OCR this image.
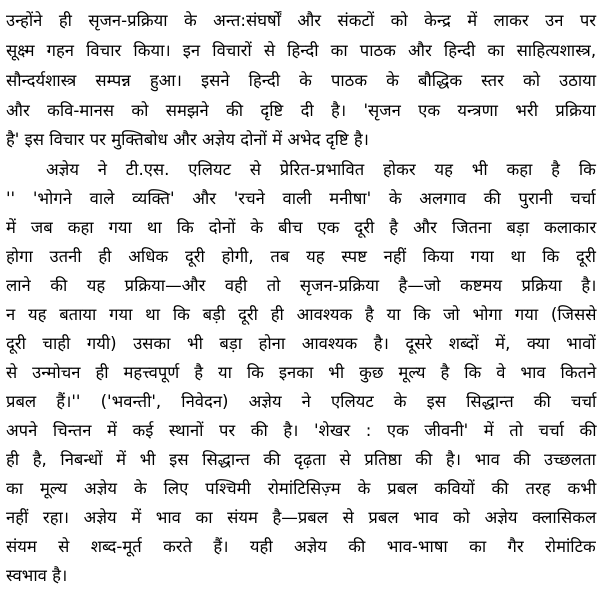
उन्होंने ही सृजन-प्रक्रिया के अन्त:संघर्षों और संकटों को केन्द्र में लाकर उन पर
सूक्ष्म गहन विचार किया। इन विचारों से हिन्दी का पाठक और हिन्दी का साहित्यशास्त्र,
सौन्दर्यशास्त्र सम्पन्न हुआ। इसने हिन्दी के पाठक के बौद्धिक स्तर को उठाया
और कवि-मानस को समझने की दृष्टि दी है। 'सृजन एक यन्त्रणा भरी प्रक्रिया
है' इस विचार पर मुक्तिबोध और अज्ञेय दोनों में अभेद दृष्टि है।
अज्ञेय ने टी.एस. एलियट से प्रेरित-प्रभावित होकर यह भी कहा है कि
'' 'भोगने वाले व्यक्ति' और 'रचने वाली मनीषा' के अलगाव की पुरानी चर्चा
में जब कहा गया था कि दोनों के बीच एक दूरी है और जितना बड़ा कलाकार
होगा उतनी ही अधिक दूरी होगी, तब यह स्पष्ट नहीं किया गया था कि दूरी
लाने की यह प्रक्रिया—और वही तो सृजन-प्रक्रिया है—जो कष्टमय प्रक्रिया है।
न यह बताया गया था कि बड़ी दूरी ही आवश्यक है या कि जो भोगा गया (जिससे
दूरी चाही गयी) उसका भी बड़ा होना आवश्यक है। दूसरे शब्दों में, क्या भावों
से उन्मोचन ही महत्त्वपूर्ण है या कि इनका भी कुछ मूल्य है कि वे भाव कितने
प्रबल हैं।'' ('भवन्ती', निवेदन) अज्ञेय ने एलियट के इस सिद्धान्त की चर्चा
अपने चिन्तन में कई स्थानों पर की है। 'शेखर : एक जीवनी' में तो चर्चा की
ही है, निबन्धों में भी इस सिद्धान्त की दृढ़ता से प्रतिष्ठा की है। भाव की उच्छलता
का मूल्य अज्ञेय के लिए पश्चिमी रोमांटिसिज़्म के प्रबल कवियों की तरह कभी
नहीं रहा। अज्ञेय में भाव का संयम है—प्रबल से प्रबल भाव को अज्ञेय क्लासिकल
संयम से शब्द-मूर्त करते हैं। यही अज्ञेय की भाव-भाषा का गैर रोमांटिक
स्वभाव है।
